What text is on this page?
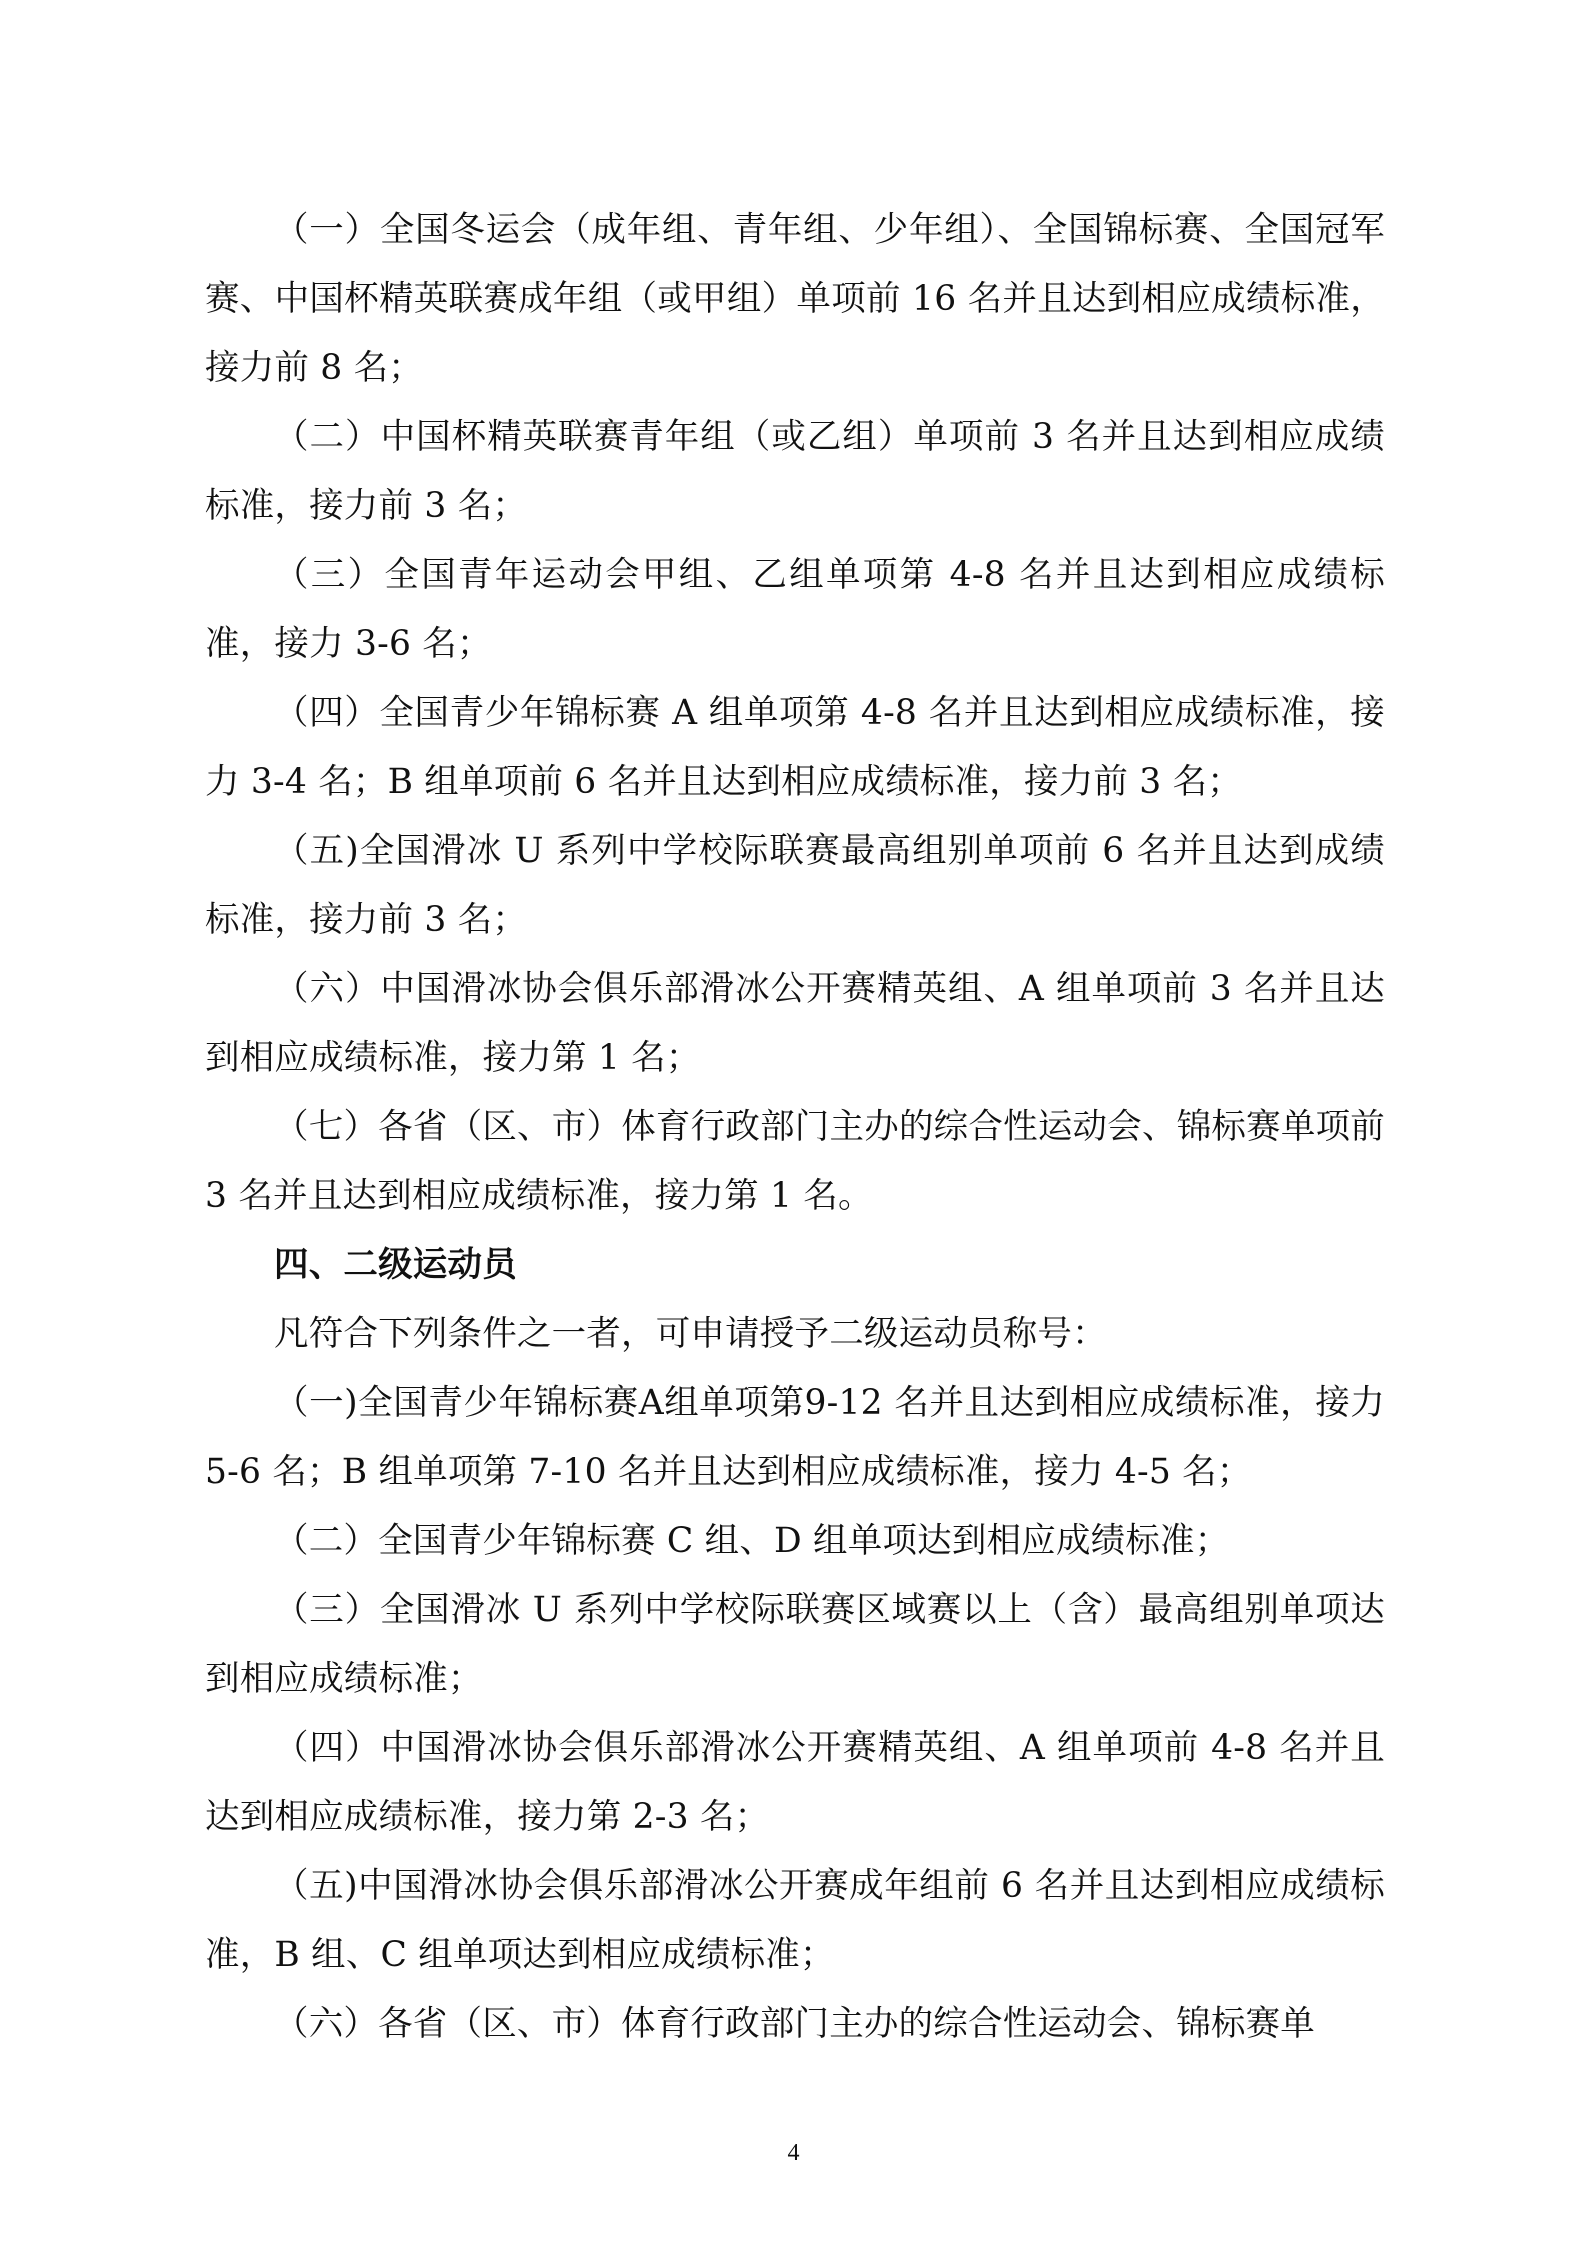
（一）全国冬运会（成年组、青年组、少年组）、全国锦标赛、全国冠军赛、中国杯精英联赛成年组（或甲组）单项前 16 名并且达到相应成绩标准，接力前 8 名；

（二）中国杯精英联赛青年组（或乙组）单项前 3 名并且达到相应成绩标准，接力前 3 名；

（三）全国青年运动会甲组、乙组单项第 4-8 名并且达到相应成绩标准，接力 3-6 名；

（四）全国青少年锦标赛 A 组单项第 4-8 名并且达到相应成绩标准，接力 3-4 名；B 组单项前 6 名并且达到相应成绩标准，接力前 3 名；

（五)全国滑冰 U 系列中学校际联赛最高组别单项前 6 名并且达到成绩标准，接力前 3 名；

（六）中国滑冰协会俱乐部滑冰公开赛精英组、A 组单项前 3 名并且达到相应成绩标准，接力第 1 名；

（七）各省（区、市）体育行政部门主办的综合性运动会、锦标赛单项前 3 名并且达到相应成绩标准，接力第 1 名。

四、二级运动员

凡符合下列条件之一者，可申请授予二级运动员称号：

（一)全国青少年锦标赛A组单项第9-12 名并且达到相应成绩标准，接力 5-6 名；B 组单项第 7-10 名并且达到相应成绩标准，接力 4-5 名；

（二）全国青少年锦标赛 C 组、D 组单项达到相应成绩标准；

（三）全国滑冰 U 系列中学校际联赛区域赛以上（含）最高组别单项达到相应成绩标准；

（四）中国滑冰协会俱乐部滑冰公开赛精英组、A 组单项前 4-8 名并且达到相应成绩标准，接力第 2-3 名；

（五)中国滑冰协会俱乐部滑冰公开赛成年组前 6 名并且达到相应成绩标准，B 组、C 组单项达到相应成绩标准；

（六）各省（区、市）体育行政部门主办的综合性运动会、锦标赛单

4
